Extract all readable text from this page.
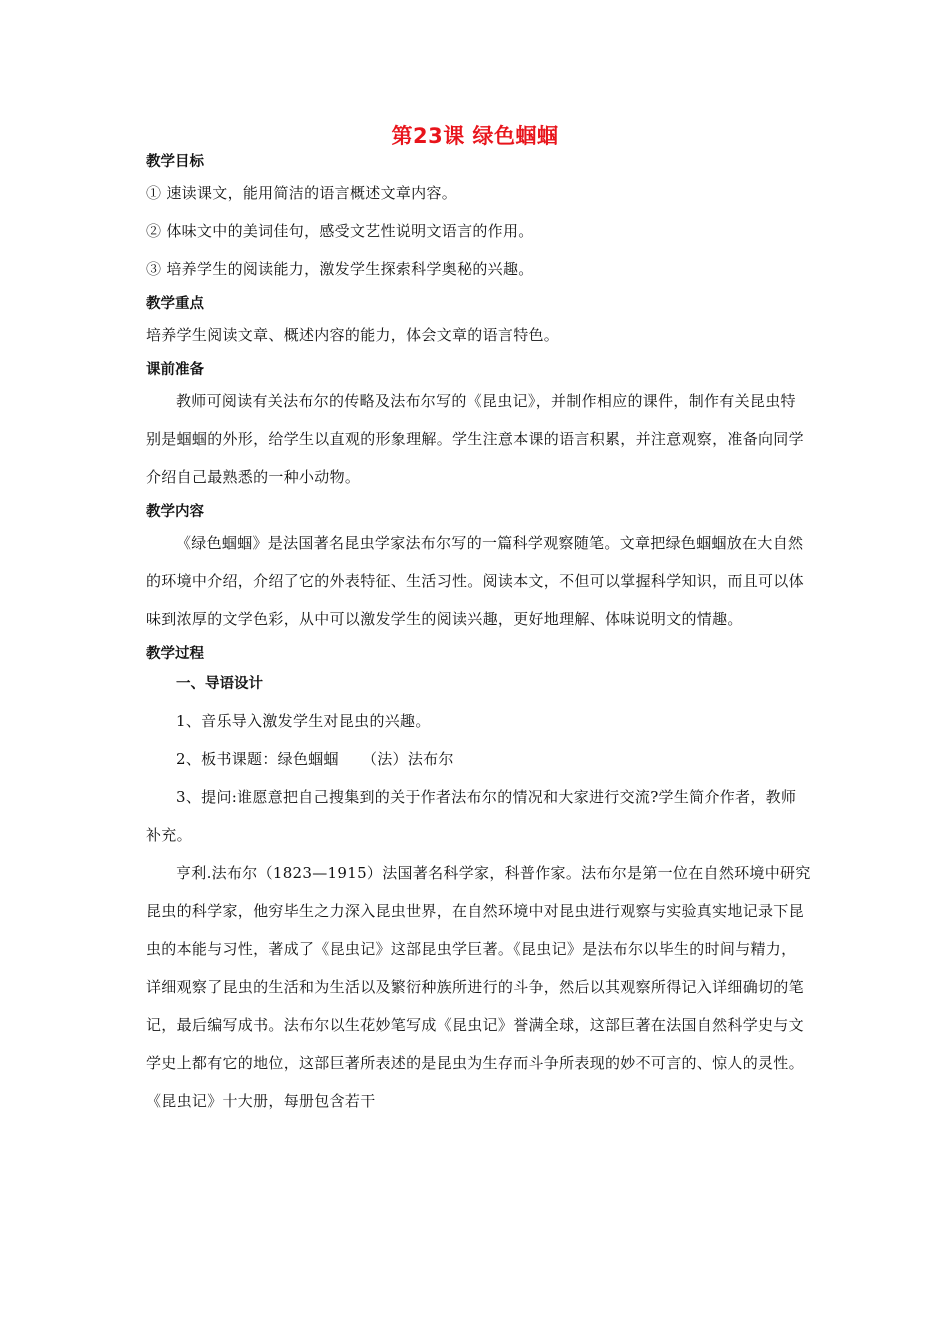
第23课 绿色蝈蝈
教学目标
① 速读课文，能用简洁的语言概述文章内容。
② 体味文中的美词佳句，感受文艺性说明文语言的作用。
③ 培养学生的阅读能力，激发学生探索科学奥秘的兴趣。
教学重点
培养学生阅读文章、概述内容的能力，体会文章的语言特色。
课前准备
教师可阅读有关法布尔的传略及法布尔写的《昆虫记》，并制作相应的课件，制作有关昆虫特别是蝈蝈的外形，给学生以直观的形象理解。学生注意本课的语言积累，并注意观察，准备向同学介绍自己最熟悉的一种小动物。
教学内容
《绿色蝈蝈》是法国著名昆虫学家法布尔写的一篇科学观察随笔。文章把绿色蝈蝈放在大自然的环境中介绍，介绍了它的外表特征、生活习性。阅读本文，不但可以掌握科学知识，而且可以体味到浓厚的文学色彩，从中可以激发学生的阅读兴趣，更好地理解、体味说明文的情趣。
教学过程
一、导语设计
1、音乐导入激发学生对昆虫的兴趣。
2、板书课题：绿色蝈蝈　　（法）法布尔
3、提问:谁愿意把自己搜集到的关于作者法布尔的情况和大家进行交流?学生简介作者，教师补充。
亨利.法布尔（1823—1915）法国著名科学家，科普作家。法布尔是第一位在自然环境中研究昆虫的科学家，他穷毕生之力深入昆虫世界，在自然环境中对昆虫进行观察与实验真实地记录下昆虫的本能与习性，著成了《昆虫记》这部昆虫学巨著。《昆虫记》是法布尔以毕生的时间与精力，详细观察了昆虫的生活和为生活以及繁衍种族所进行的斗争，然后以其观察所得记入详细确切的笔记，最后编写成书。法布尔以生花妙笔写成《昆虫记》誉满全球，这部巨著在法国自然科学史与文学史上都有它的地位，这部巨著所表述的是昆虫为生存而斗争所表现的妙不可言的、惊人的灵性。 《昆虫记》十大册，每册包含若干
